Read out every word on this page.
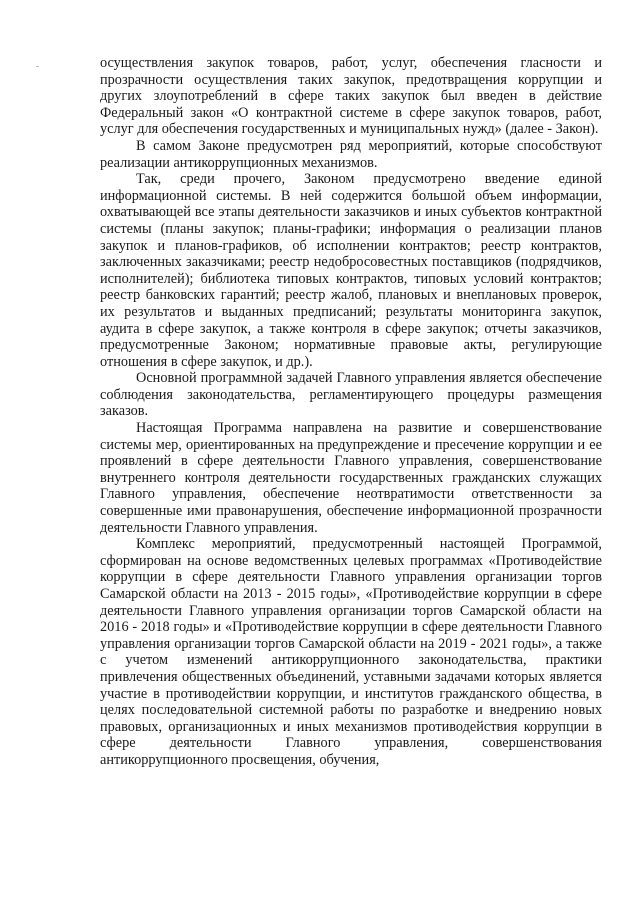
осуществления закупок товаров, работ, услуг, обеспечения гласности и прозрачности осуществления таких закупок, предотвращения коррупции и других злоупотреблений в сфере таких закупок был введен в действие Федеральный закон «О контрактной системе в сфере закупок товаров, работ, услуг для обеспечения государственных и муниципальных нужд» (далее - Закон).

В самом Законе предусмотрен ряд мероприятий, которые способствуют реализации антикоррупционных механизмов.

Так, среди прочего, Законом предусмотрено введение единой информационной системы. В ней содержится большой объем информации, охватывающей все этапы деятельности заказчиков и иных субъектов контрактной системы (планы закупок; планы-графики; информация о реализации планов закупок и планов-графиков, об исполнении контрактов; реестр контрактов, заключенных заказчиками; реестр недобросовестных поставщиков (подрядчиков, исполнителей); библиотека типовых контрактов, типовых условий контрактов; реестр банковских гарантий; реестр жалоб, плановых и внеплановых проверок, их результатов и выданных предписаний; результаты мониторинга закупок, аудита в сфере закупок, а также контроля в сфере закупок; отчеты заказчиков, предусмотренные Законом; нормативные правовые акты, регулирующие отношения в сфере закупок, и др.).

Основной программной задачей Главного управления является обеспечение соблюдения законодательства, регламентирующего процедуры размещения заказов.

Настоящая Программа направлена на развитие и совершенствование системы мер, ориентированных на предупреждение и пресечение коррупции и ее проявлений в сфере деятельности Главного управления, совершенствование внутреннего контроля деятельности государственных гражданских служащих Главного управления, обеспечение неотвратимости ответственности за совершенные ими правонарушения, обеспечение информационной прозрачности деятельности Главного управления.

Комплекс мероприятий, предусмотренный настоящей Программой, сформирован на основе ведомственных целевых программах «Противодействие коррупции в сфере деятельности Главного управления организации торгов Самарской области на 2013 - 2015 годы», «Противодействие коррупции в сфере деятельности Главного управления организации торгов Самарской области на 2016 - 2018 годы» и «Противодействие коррупции в сфере деятельности Главного управления организации торгов Самарской области на 2019 - 2021 годы», а также с учетом изменений антикоррупционного законодательства, практики привлечения общественных объединений, уставными задачами которых является участие в противодействии коррупции, и институтов гражданского общества, в целях последовательной системной работы по разработке и внедрению новых правовых, организационных и иных механизмов противодействия коррупции в сфере деятельности Главного управления, совершенствования антикоррупционного просвещения, обучения,
